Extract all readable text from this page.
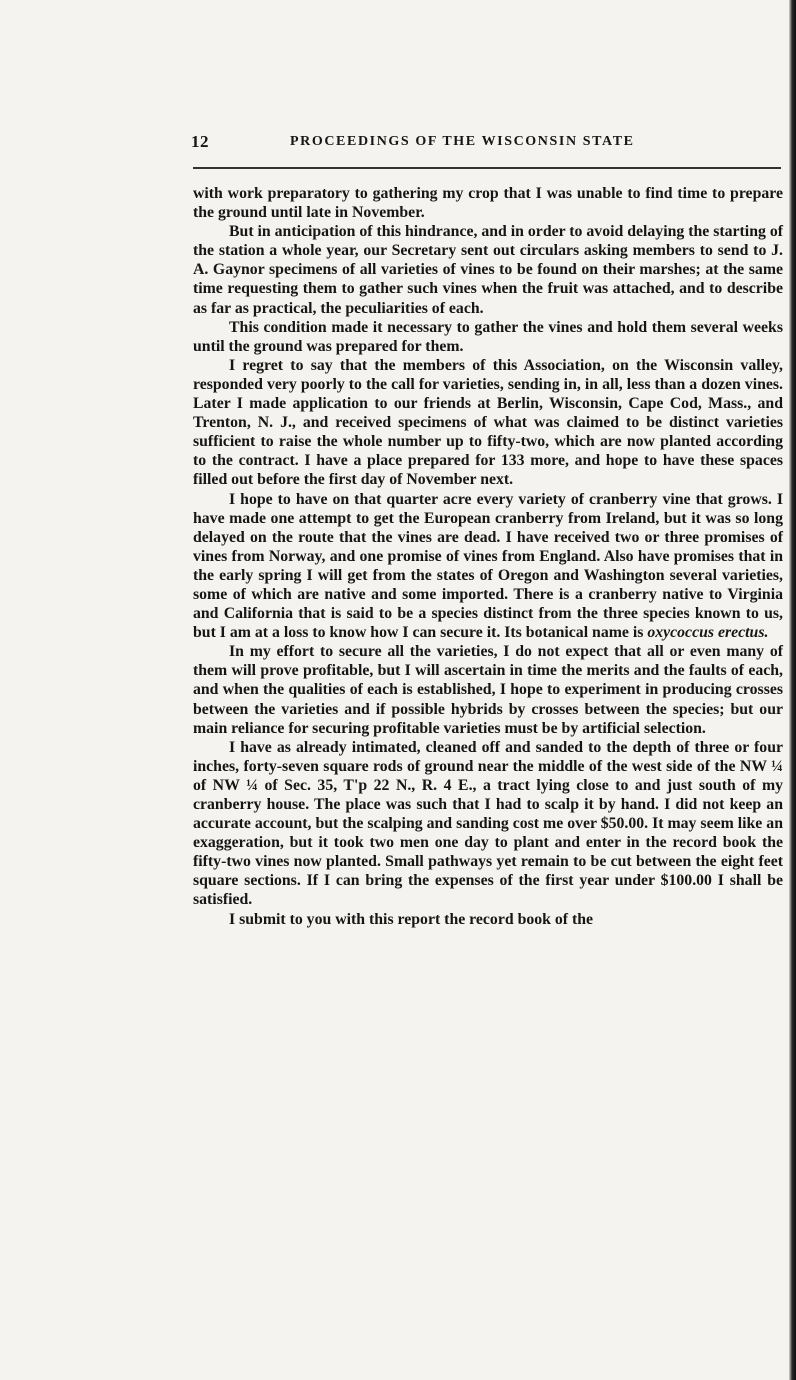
12	PROCEEDINGS OF THE WISCONSIN STATE

with work preparatory to gathering my crop that I was unable to find time to prepare the ground until late in November.

But in anticipation of this hindrance, and in order to avoid delaying the starting of the station a whole year, our Secretary sent out circulars asking members to send to J. A. Gaynor specimens of all varieties of vines to be found on their marshes; at the same time requesting them to gather such vines when the fruit was attached, and to describe as far as practical, the peculiarities of each.

This condition made it necessary to gather the vines and hold them several weeks until the ground was prepared for them.

I regret to say that the members of this Association, on the Wisconsin valley, responded very poorly to the call for varieties, sending in, in all, less than a dozen vines. Later I made application to our friends at Berlin, Wisconsin, Cape Cod, Mass., and Trenton, N. J., and received specimens of what was claimed to be distinct varieties sufficient to raise the whole number up to fifty-two, which are now planted according to the contract. I have a place prepared for 133 more, and hope to have these spaces filled out before the first day of November next.

I hope to have on that quarter acre every variety of cranberry vine that grows. I have made one attempt to get the European cranberry from Ireland, but it was so long delayed on the route that the vines are dead. I have received two or three promises of vines from Norway, and one promise of vines from England. Also have promises that in the early spring I will get from the states of Oregon and Washington several varieties, some of which are native and some imported. There is a cranberry native to Virginia and California that is said to be a species distinct from the three species known to us, but I am at a loss to know how I can secure it. Its botanical name is oxycoccus erectus.

In my effort to secure all the varieties, I do not expect that all or even many of them will prove profitable, but I will ascertain in time the merits and the faults of each, and when the qualities of each is established, I hope to experiment in producing crosses between the varieties and if possible hybrids by crosses between the species; but our main reliance for securing profitable varieties must be by artificial selection.

I have as already intimated, cleaned off and sanded to the depth of three or four inches, forty-seven square rods of ground near the middle of the west side of the NW ¼ of NW ¼ of Sec. 35, T'p 22 N., R. 4 E., a tract lying close to and just south of my cranberry house. The place was such that I had to scalp it by hand. I did not keep an accurate account, but the scalping and sanding cost me over $50.00. It may seem like an exaggeration, but it took two men one day to plant and enter in the record book the fifty-two vines now planted. Small pathways yet remain to be cut between the eight feet square sections. If I can bring the expenses of the first year under $100.00 I shall be satisfied.

I submit to you with this report the record book of the
